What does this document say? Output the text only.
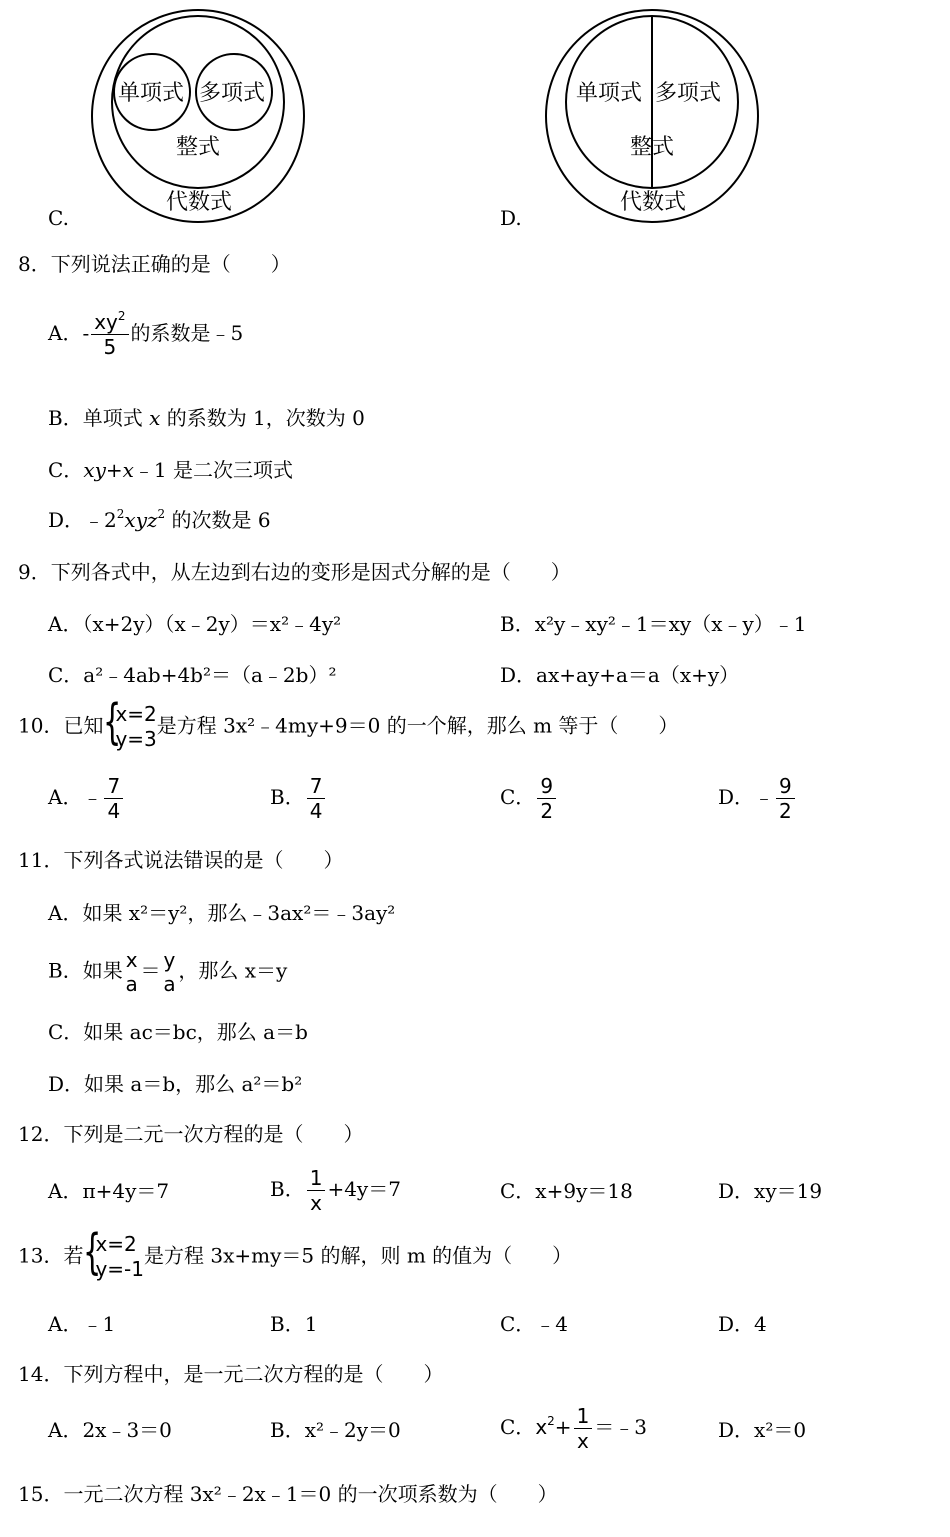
C.
单项式 多项式
整式
代数式
D.
单项式 多项式
整式
代数式
8．下列说法正确的是（　　）
A．- $\frac{xy^2}{5}$ 的系数是﹣5
B．单项式 x 的系数为 1，次数为 0
C．xy+x﹣1 是二次三项式
D．$﹣2^2xyz^2$ 的次数是 6
9．下列各式中，从左边到右边的变形是因式分解的是（　　）
A．（x+2y）（x﹣2y）＝x²﹣4y²	B．x²y﹣xy²﹣1＝xy（x﹣y）﹣1
C．a²﹣4ab+4b²＝（a﹣2b）²	D．ax+ay+a＝a（x+y）
10．已知 {
x=2
y=3
是方程 3x²﹣4my+9＝0 的一个解，那么 m 等于（　　）
A．﹣ $\frac{7}{4}$	B． $\frac{7}{4}$	C． $\frac{9}{2}$	D．﹣ $\frac{9}{2}$
11．下列各式说法错误的是（　　）
A．如果 x²＝y²，那么﹣3ax²＝﹣3ay²
B．如果 x
a
＝ y
a
，那么 x＝y
C．如果 ac＝bc，那么 a＝b
D．如果 a＝b，那么 a²＝b²
12．下列是二元一次方程的是（　　）
A．π+4y＝7	B． $\frac{1}{x} +4y=7$	C．x+9y＝18	D．xy＝19
13．若 {
x=2
y=-1
是方程 3x+my＝5 的解，则 m 的值为（　　）
A．﹣1	B．1	C．﹣4	D．4
14．下列方程中，是一元二次方程的是（　　）
A．2x﹣3＝0	B．x²﹣2y＝0	C．$x^2+ \frac{1}{x}$ ＝﹣3	D．x²＝0
15．一元二次方程 3x²﹣2x﹣1＝0 的一次项系数为（　　）
